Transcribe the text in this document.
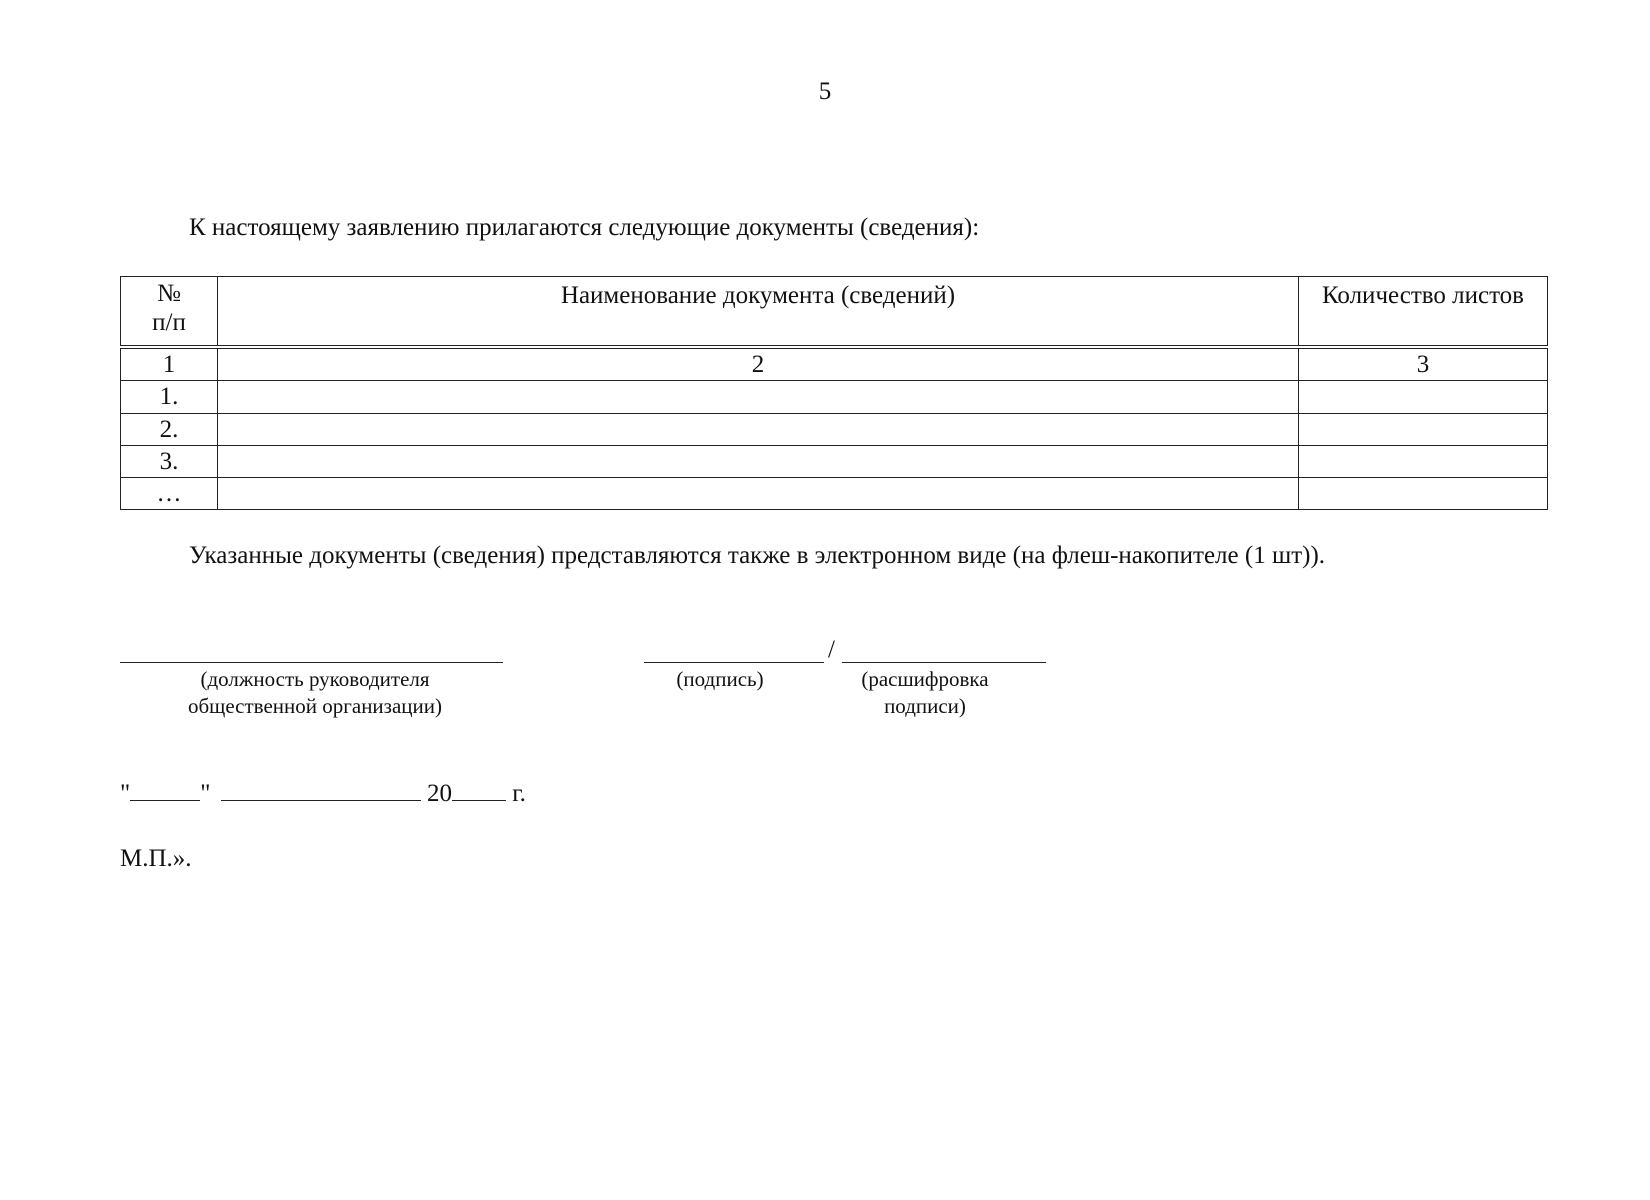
5
К настоящему заявлению прилагаются следующие документы (сведения):
№
п/п	Наименование документа (сведений)	Количество листов
1	2	3
1.		
2.		
3.		
…		
Указанные документы (сведения) представляются также в электронном виде (на флеш-накопителе (1 шт)).
(должность руководителя
общественной организации)
/
(подпись)	(расшифровка
подписи)
"	"	20 г.
М.П.».
